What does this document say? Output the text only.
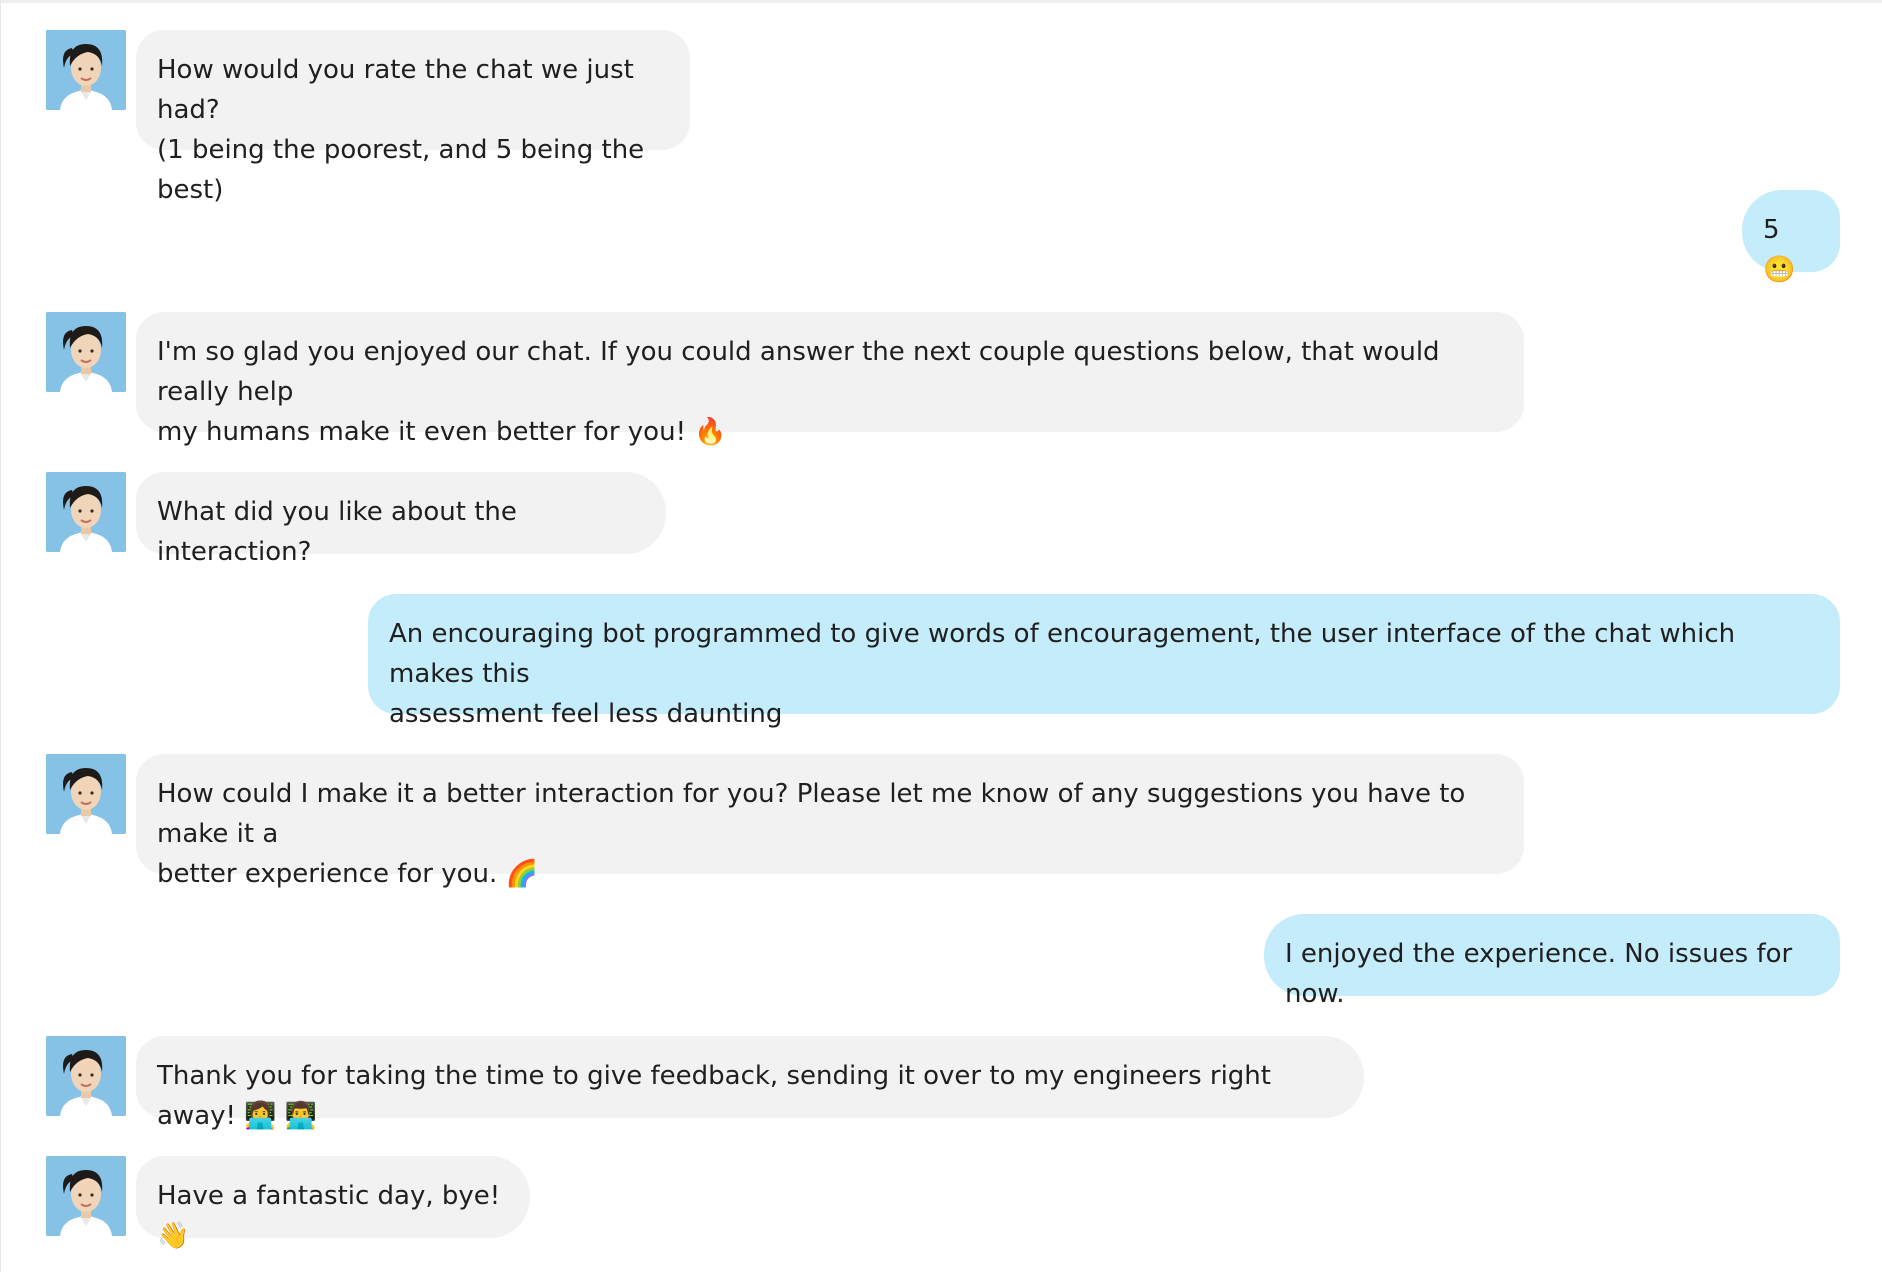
How would you rate the chat we just had?
(1 being the poorest, and 5 being the best)
5 😬
I'm so glad you enjoyed our chat. If you could answer the next couple questions below, that would really help
my humans make it even better for you! 🔥
What did you like about the interaction?
An encouraging bot programmed to give words of encouragement, the user interface of the chat which makes this
assessment feel less daunting
How could I make it a better interaction for you? Please let me know of any suggestions you have to make it a
better experience for you. 🌈
I enjoyed the experience. No issues for now.
Thank you for taking the time to give feedback, sending it over to my engineers right away! 👩‍💻 👨‍💻
Have a fantastic day, bye! 👋
